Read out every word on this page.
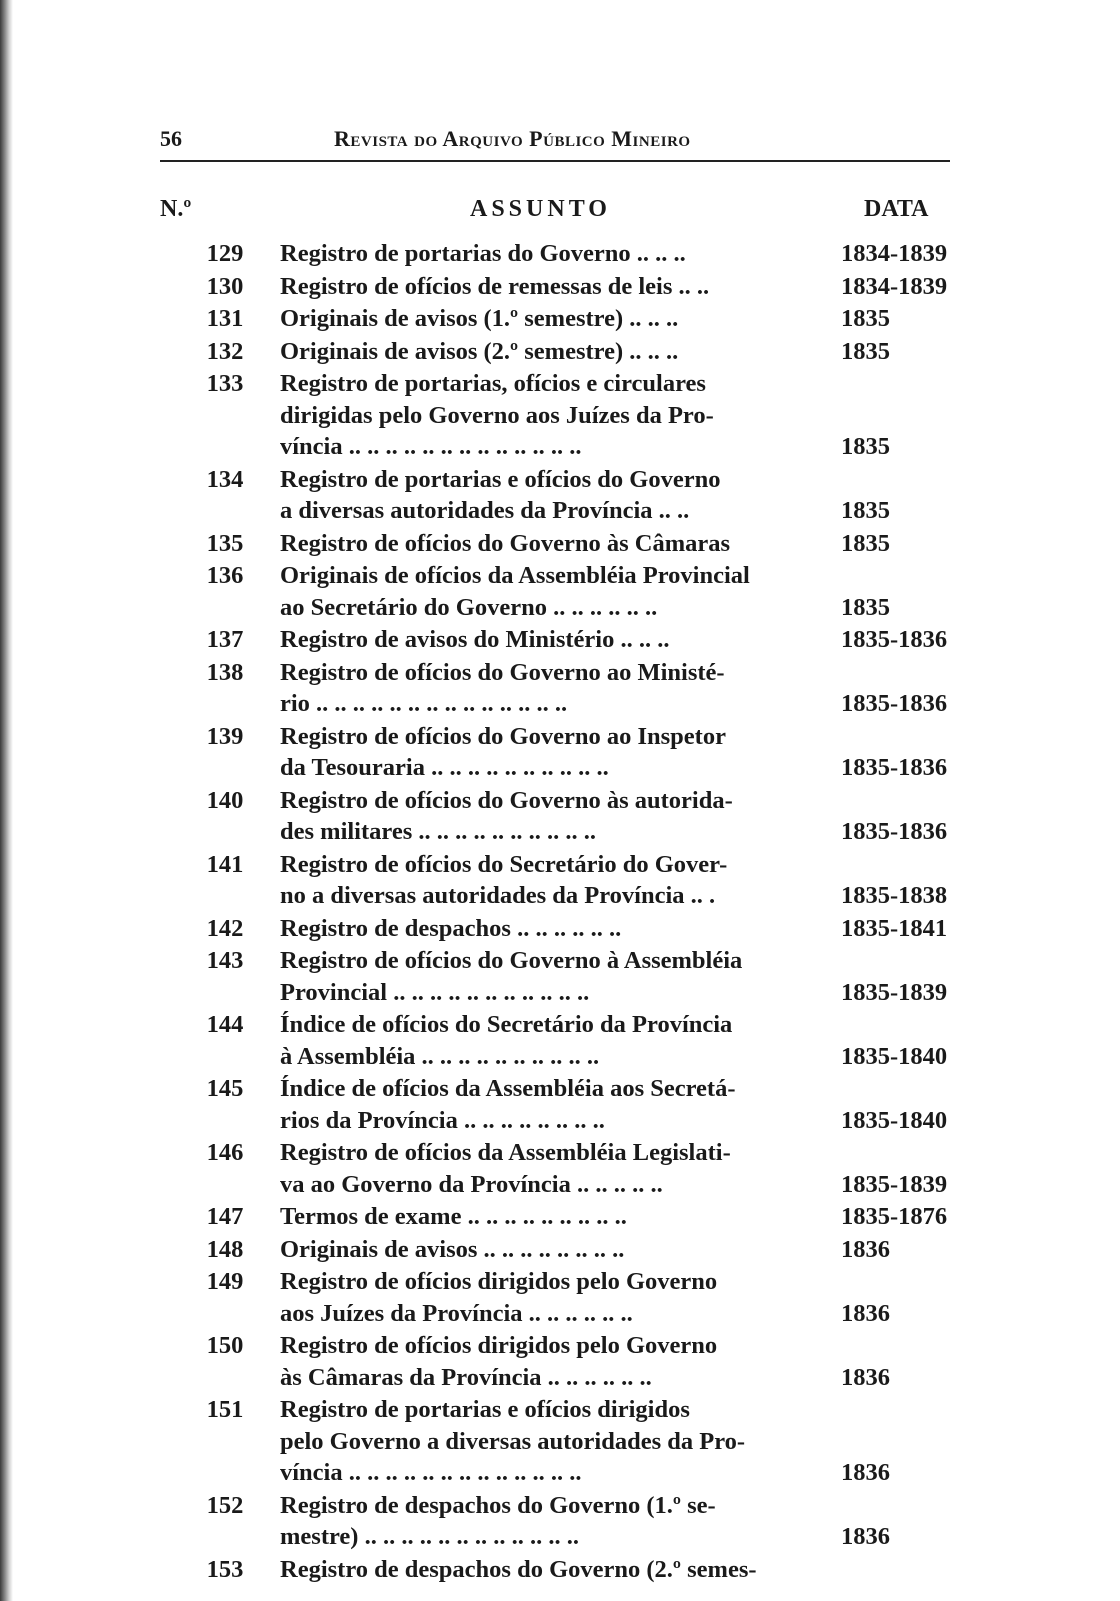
56	Revista do Arquivo Público Mineiro
N.º	ASSUNTO	DATA
129	Registro de portarias do Governo .. .. ..	1834-1839
130	Registro de ofícios de remessas de leis .. ..	1834-1839
131	Originais de avisos (1.º semestre) .. .. ..	1835
132	Originais de avisos (2.º semestre) .. .. ..	1835
133	Registro de portarias, ofícios e circulares
dirigidas pelo Governo aos Juízes da Pro-
víncia .. .. .. .. .. .. .. .. .. .. .. .. ..	1835
134	Registro de portarias e ofícios do Governo
a diversas autoridades da Província .. ..	1835
135	Registro de ofícios do Governo às Câmaras	1835
136	Originais de ofícios da Assembléia Provincial
ao Secretário do Governo .. .. .. .. .. ..	1835
137	Registro de avisos do Ministério .. .. ..	1835-1836
138	Registro de ofícios do Governo ao Ministé-
rio .. .. .. .. .. .. .. .. .. .. .. .. .. ..	1835-1836
139	Registro de ofícios do Governo ao Inspetor
da Tesouraria .. .. .. .. .. .. .. .. .. ..	1835-1836
140	Registro de ofícios do Governo às autorida-
des militares .. .. .. .. .. .. .. .. .. ..	1835-1836
141	Registro de ofícios do Secretário do Gover-
no a diversas autoridades da Província .. .	1835-1838
142	Registro de despachos .. .. .. .. .. ..	1835-1841
143	Registro de ofícios do Governo à Assembléia
Provincial .. .. .. .. .. .. .. .. .. .. ..	1835-1839
144	Índice de ofícios do Secretário da Província
à Assembléia .. .. .. .. .. .. .. .. .. ..	1835-1840
145	Índice de ofícios da Assembléia aos Secretá-
rios da Província .. .. .. .. .. .. .. ..	1835-1840
146	Registro de ofícios da Assembléia Legislati-
va ao Governo da Província .. .. .. .. ..	1835-1839
147	Termos de exame .. .. .. .. .. .. .. .. ..	1835-1876
148	Originais de avisos .. .. .. .. .. .. .. ..	1836
149	Registro de ofícios dirigidos pelo Governo
aos Juízes da Província .. .. .. .. .. ..	1836
150	Registro de ofícios dirigidos pelo Governo
às Câmaras da Província .. .. .. .. .. ..	1836
151	Registro de portarias e ofícios dirigidos
pelo Governo a diversas autoridades da Pro-
víncia .. .. .. .. .. .. .. .. .. .. .. .. ..	1836
152	Registro de despachos do Governo (1.º se-
mestre) .. .. .. .. .. .. .. .. .. .. .. ..	1836
153	Registro de despachos do Governo (2.º semes-
